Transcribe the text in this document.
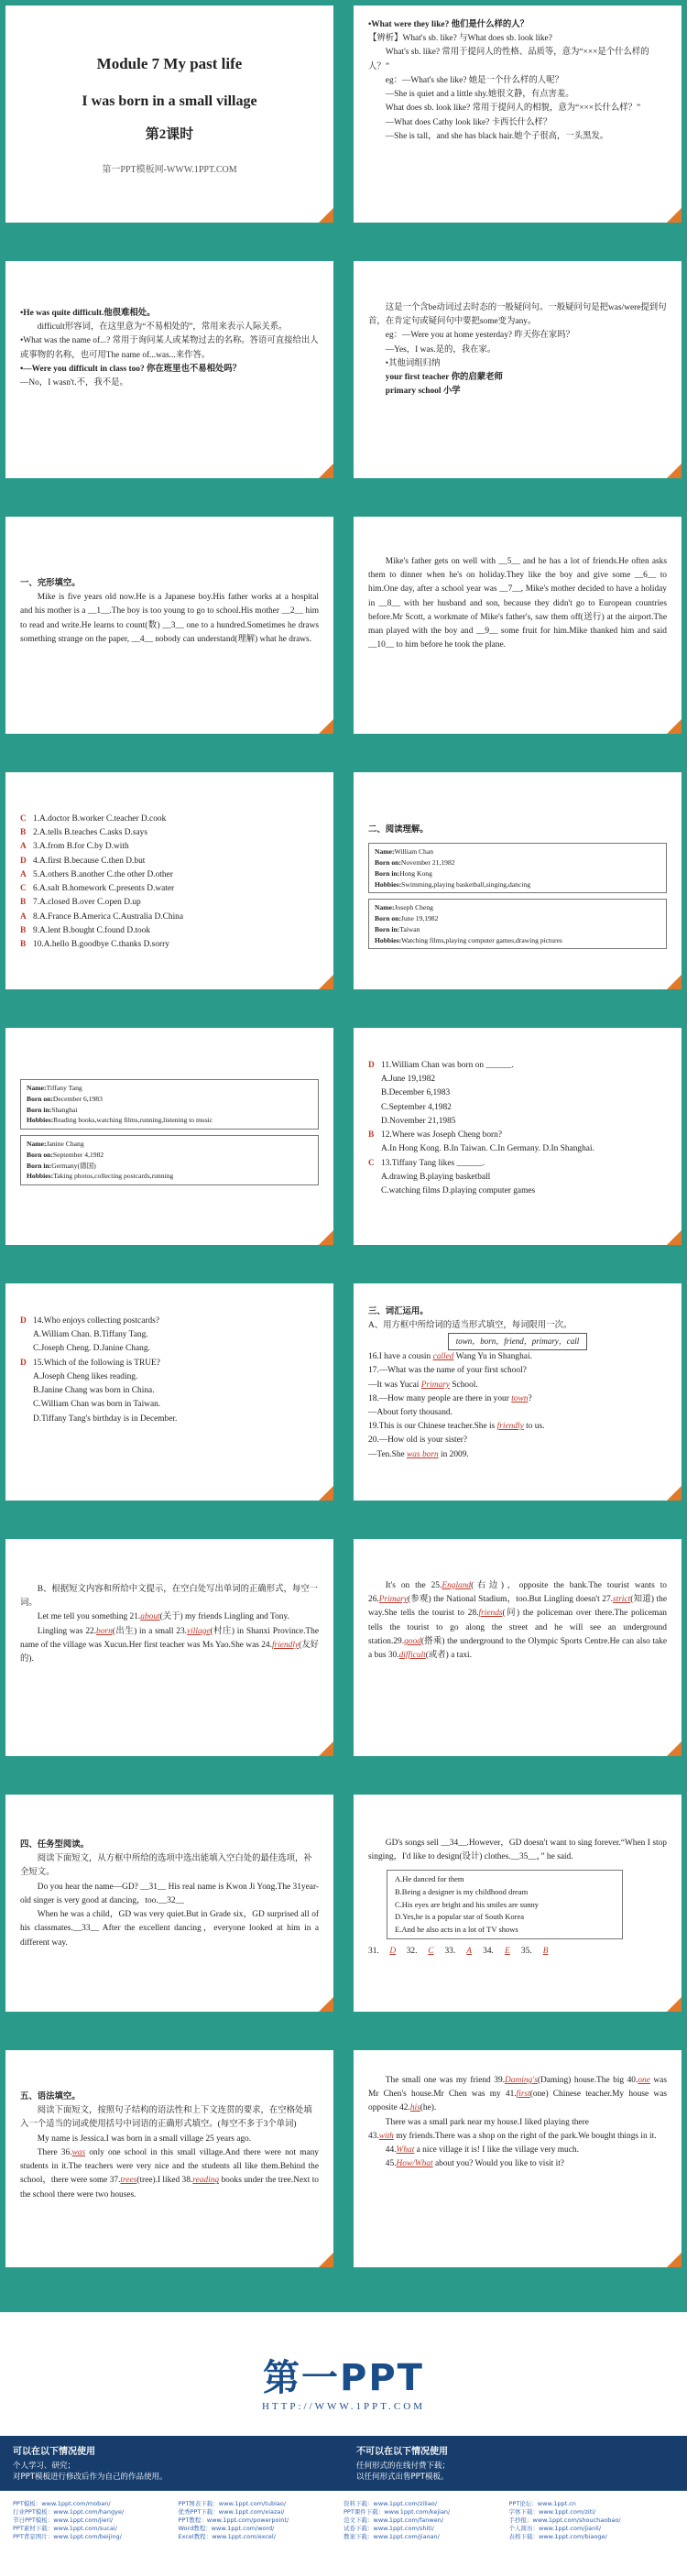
Module 7 My past life
I was born in a small village
第2课时
第一PPT模板网-WWW.1PPT.COM

•What were they like? 他们是什么样的人？

【辨析】What's sb. like? 与What does sb. look like?

What's sb. like? 常用于提问人的性格、品质等，意为“×××是个什么样的人？”

eg：—What's she like? 她是一个什么样的人呢？

—She is quiet and a little shy.她很文静，有点害羞。

What does sb. look like? 常用于提问人的相貌，意为“×××长什么样？”

—What does Cathy look like? 卡西长什么样？

—She is tall，and she has black hair.她个子很高，一头黑发。

•He was quite difficult.他很难相处。

difficult形容词，在这里意为“不易相处的”，常用来表示人际关系。

•What was the name of...? 常用于询问某人或某物过去的名称。答语可直接给出人或事物的名称，也可用The name of...was...来作答。

•—Were you difficult in class too? 你在班里也不易相处吗？

—No，I wasn't.不，我不是。

这是一个含be动词过去时态的一般疑问句。一般疑问句是把was/were提到句首，在肯定句或疑问句中要把some变为any。

eg：—Were you at home yesterday? 昨天你在家吗？

—Yes，I was.是的，我在家。

•其他词组归纳

your first teacher 你的启蒙老师

primary school 小学

一、完形填空。

Mike is five years old now.He is a Japanese boy.His father works at a hospital and his mother is a __1__.The boy is too young to go to school.His mother __2__ him to read and write.He learns to count(数) __3__ one to a hundred.Sometimes he draws something strange on the paper, __4__ nobody can understand(理解) what he draws.

Mike's father gets on well with __5__ and he has a lot of friends.He often asks them to dinner when he's on holiday.They like the boy and give some __6__ to him.One day, after a school year was __7__, Mike's mother decided to have a holiday in __8__ with her husband and son, because they didn't go to European countries before.Mr Scott, a workmate of Mike's father's, saw them off(送行) at the airport.The man played with the boy and __9__ some fruit for him.Mike thanked him and said __10__ to him before he took the plane.

C 1.A.doctor B.worker C.teacher D.cook

B 2.A.tells B.teaches C.asks D.says

A 3.A.from B.for C.by D.with

D 4.A.first B.because C.then D.but

A 5.A.others B.another C.the other D.other

C 6.A.salt B.homework C.presents D.water

B 7.A.closed B.over C.open D.up

A 8.A.France B.America C.Australia D.China

B 9.A.lent B.bought C.found D.took

B 10.A.hello B.goodbye C.thanks D.sorry

二、阅读理解。

Name:William Chan
Born on:November 21,1982
Born in:Hong Kong
Hobbies:Swimming,playing basketball,singing,dancing
Name:Joseph Cheng
Born on:June 19,1982
Born in:Taiwan
Hobbies:Watching films,playing computer games,drawing pictures
Name:Tiffany Tang
Born on:December 6,1983
Born in:Shanghai
Hobbies:Reading books,watching films,running,listening to music
Name:Janine Chang
Born on:September 4,1982
Born in:Germany(德国)
Hobbies:Taking photos,collecting postcards,running

D 11.William Chan was born on ______.

A.June 19,1982

B.December 6,1983

C.September 4,1982

D.November 21,1985

B 12.Where was Joseph Cheng born?

A.In Hong Kong. B.In Taiwan. C.In Germany. D.In Shanghai.

C 13.Tiffany Tang likes ______.

A.drawing B.playing basketball

C.watching films D.playing computer games

D 14.Who enjoys collecting postcards?

A.William Chan. B.Tiffany Tang.

C.Joseph Cheng. D.Janine Chang.

D 15.Which of the following is TRUE?

A.Joseph Cheng likes reading.

B.Janine Chang was born in China.

C.William Chan was born in Taiwan.

D.Tiffany Tang's birthday is in December.

三、词汇运用。

A、用方框中所给词的适当形式填空，每词限用一次。

town，born，friend，primary，call

16.I have a cousin called Wang Yu in Shanghai.

17.—What was the name of your first school?

—It was Yucai Primary School.

18.—How many people are there in your town?

—About forty thousand.

19.This is our Chinese teacher.She is friendly to us.

20.—How old is your sister?

—Ten.She was born in 2009.

B、根据短文内容和所给中文提示，在空白处写出单词的正确形式，每空一词。

Let me tell you something 21.about(关于) my friends Lingling and Tony.

Lingling was 22.born(出生) in a small 23.village(村庄) in Shanxi Province.The name of the village was Xucun.Her first teacher was Ms Yao.She was 24.friendly(友好的).

It's on the 25.England(右边)，opposite the bank.The tourist wants to 26.Primary(参观) the National Stadium，too.But Lingling doesn't 27.strict(知道) the way.She tells the tourist to 28.friends(问) the policeman over there.The policeman tells the tourist to go along the street and he will see an underground station.29.good(搭乘) the underground to the Olympic Sports Centre.He can also take a bus 30.difficult(或者) a taxi.

四、任务型阅读。

阅读下面短文，从方框中所给的选项中选出能填入空白处的最佳选项，补全短文。

Do you hear the name—GD? __31__ His real name is Kwon Ji Yong.The 31year-old singer is very good at dancing，too.__32__

When he was a child，GD was very quiet.But in Grade six，GD surprised all of his classmates.__33__ After the excellent dancing，everyone looked at him in a different way.

GD's songs sell __34__.However，GD doesn't want to sing forever.“When I stop singing，I'd like to design(设计) clothes.__35__，” he said.

A.He danced for them
B.Being a designer is my childhood dream
C.His eyes are bright and his smiles are sunny
D.Yes,he is a popular star of South Korea
E.And he also acts in a lot of TV shows

31. D 32. C 33. A 34. E 35. B

五、语法填空。

阅读下面短文，按照句子结构的语法性和上下文连贯的要求，在空格处填入一个适当的词或使用括号中词语的正确形式填空。(每空不多于3个单词)

My name is Jessica.I was born in a small village 25 years ago.

There 36.was only one school in this small village.And there were not many students in it.The teachers were very nice and the students all like them.Behind the school，there were some 37.trees(tree).I liked 38.reading books under the tree.Next to the school there were two houses.

The small one was my friend 39.Daming's(Daming) house.The big 40.one was Mr Chen's house.Mr Chen was my 41.first(one) Chinese teacher.My house was opposite 42.his(he).

There was a small park near my house.I liked playing there

43.with my friends.There was a shop on the right of the park.We bought things in it.

44.What a nice village it is! I like the village very much.

45.How/What about you? Would you like to visit it?

第一PPT
HTTP://WWW.1PPT.COM
可以在以下情况使用
个人学习、研究；
对PPT模板进行修改后作为自己的作品使用。
不可以在以下情况使用
任何形式的在线付费下载；
以任何形式出售PPT模板。
PPT模板：www.1ppt.com/moban/
行业PPT模板：www.1ppt.com/hangye/
节日PPT模板：www.1ppt.com/jieri/
PPT素材下载：www.1ppt.com/sucai/
PPT背景图片：www.1ppt.com/beijing/
PPT图表下载：www.1ppt.com/tubiao/
优秀PPT下载：www.1ppt.com/xiazai/
PPT教程：www.1ppt.com/powerpoint/
Word教程：www.1ppt.com/word/
Excel教程：www.1ppt.com/excel/
资料下载：www.1ppt.com/ziliao/
PPT课件下载：www.1ppt.com/kejian/
范文下载：www.1ppt.com/fanwen/
试卷下载：www.1ppt.com/shiti/
教案下载：www.1ppt.com/jiaoan/
PPT论坛：www.1ppt.cn
字体下载：www.1ppt.com/ziti/
手抄报：www.1ppt.com/shouchaobao/
个人简历：www.1ppt.com/jianli/
表格下载：www.1ppt.com/biaoge/
